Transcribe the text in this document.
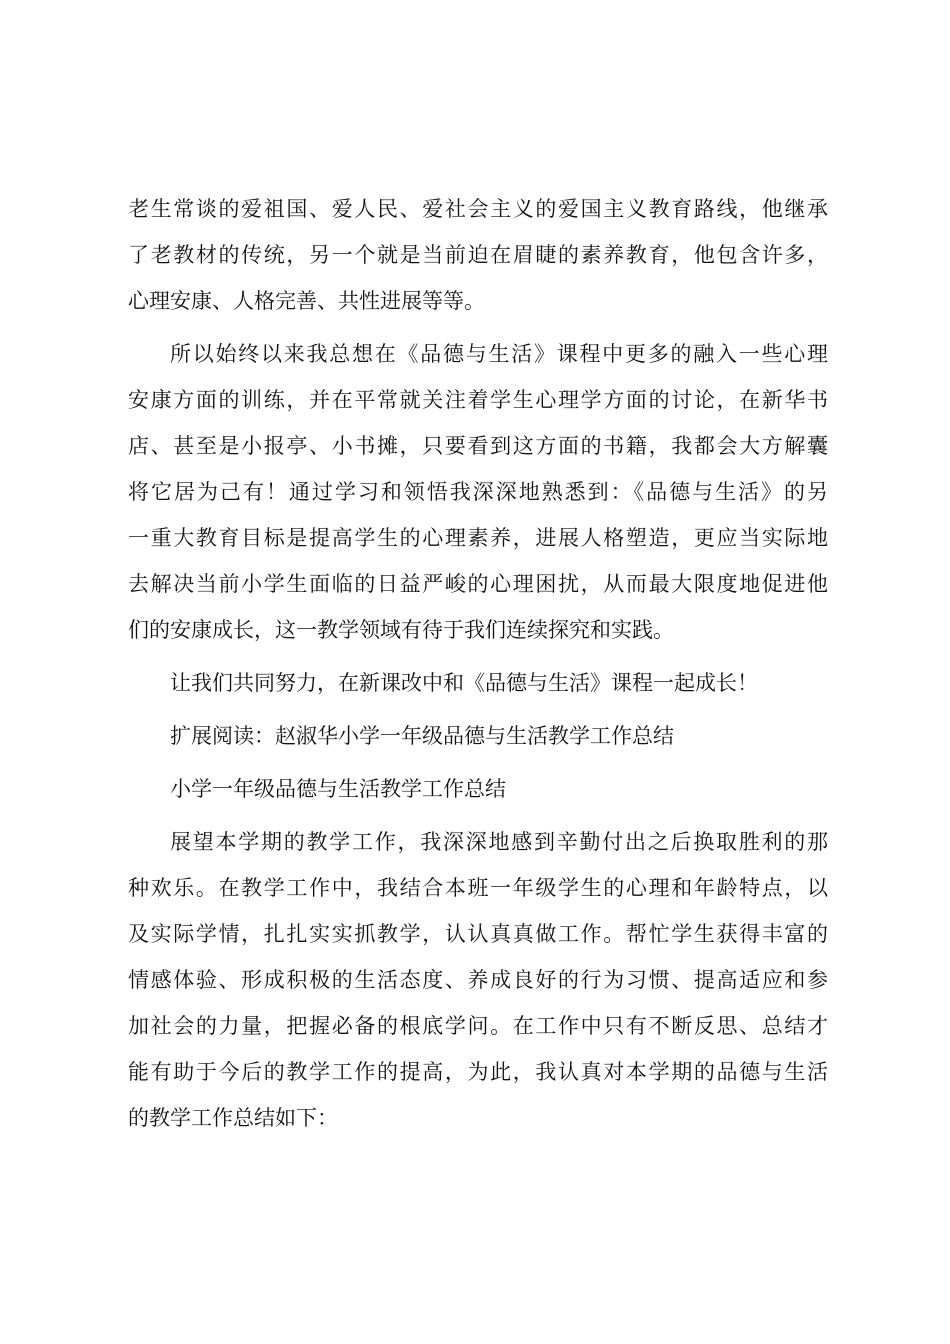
老生常谈的爱祖国、爱人民、爱社会主义的爱国主义教育路线，他继承
了老教材的传统，另一个就是当前迫在眉睫的素养教育，他包含许多，
心理安康、人格完善、共性进展等等。
所以始终以来我总想在《品德与生活》课程中更多的融入一些心理
安康方面的训练，并在平常就关注着学生心理学方面的讨论，在新华书
店、甚至是小报亭、小书摊，只要看到这方面的书籍，我都会大方解囊
将它居为己有！通过学习和领悟我深深地熟悉到：《品德与生活》的另
一重大教育目标是提高学生的心理素养，进展人格塑造，更应当实际地
去解决当前小学生面临的日益严峻的心理困扰，从而最大限度地促进他
们的安康成长，这一教学领域有待于我们连续探究和实践。
让我们共同努力，在新课改中和《品德与生活》课程一起成长！
扩展阅读：赵淑华小学一年级品德与生活教学工作总结
小学一年级品德与生活教学工作总结
展望本学期的教学工作，我深深地感到辛勤付出之后换取胜利的那
种欢乐。在教学工作中，我结合本班一年级学生的心理和年龄特点，以
及实际学情，扎扎实实抓教学，认认真真做工作。帮忙学生获得丰富的
情感体验、形成积极的生活态度、养成良好的行为习惯、提高适应和参
加社会的力量，把握必备的根底学问。在工作中只有不断反思、总结才
能有助于今后的教学工作的提高，为此，我认真对本学期的品德与生活
的教学工作总结如下：
